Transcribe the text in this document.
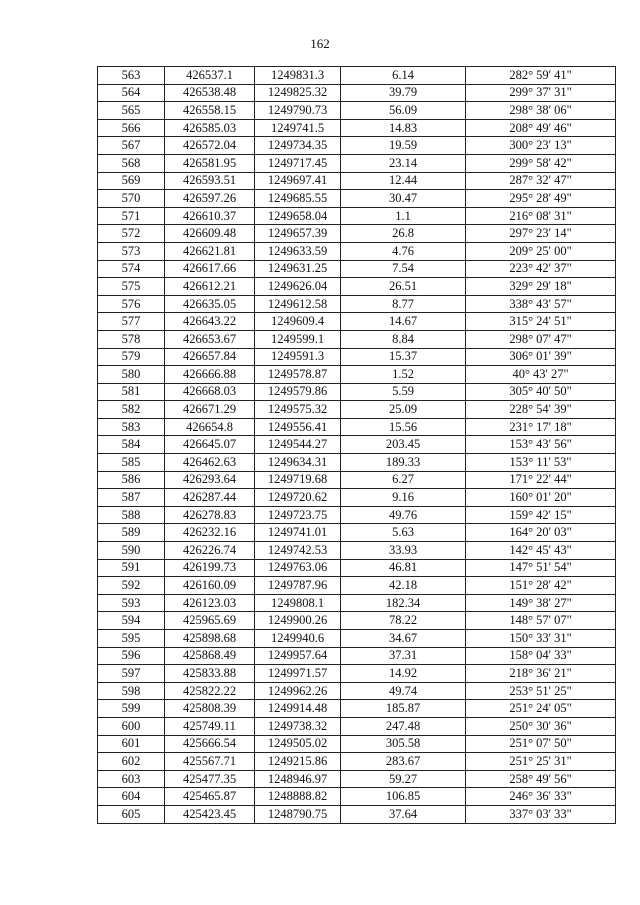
162
563	426537.1	1249831.3	6.14	282° 59' 41"
564	426538.48	1249825.32	39.79	299° 37' 31"
565	426558.15	1249790.73	56.09	298° 38' 06"
566	426585.03	1249741.5	14.83	208° 49' 46"
567	426572.04	1249734.35	19.59	300° 23' 13"
568	426581.95	1249717.45	23.14	299° 58' 42"
569	426593.51	1249697.41	12.44	287° 32' 47"
570	426597.26	1249685.55	30.47	295° 28' 49"
571	426610.37	1249658.04	1.1	216° 08' 31"
572	426609.48	1249657.39	26.8	297° 23' 14"
573	426621.81	1249633.59	4.76	209° 25' 00"
574	426617.66	1249631.25	7.54	223° 42' 37"
575	426612.21	1249626.04	26.51	329° 29' 18"
576	426635.05	1249612.58	8.77	338° 43' 57"
577	426643.22	1249609.4	14.67	315° 24' 51"
578	426653.67	1249599.1	8.84	298° 07' 47"
579	426657.84	1249591.3	15.37	306° 01' 39"
580	426666.88	1249578.87	1.52	40° 43' 27"
581	426668.03	1249579.86	5.59	305° 40' 50"
582	426671.29	1249575.32	25.09	228° 54' 39"
583	426654.8	1249556.41	15.56	231° 17' 18"
584	426645.07	1249544.27	203.45	153° 43' 56"
585	426462.63	1249634.31	189.33	153° 11' 53"
586	426293.64	1249719.68	6.27	171° 22' 44"
587	426287.44	1249720.62	9.16	160° 01' 20"
588	426278.83	1249723.75	49.76	159° 42' 15"
589	426232.16	1249741.01	5.63	164° 20' 03"
590	426226.74	1249742.53	33.93	142° 45' 43"
591	426199.73	1249763.06	46.81	147° 51' 54"
592	426160.09	1249787.96	42.18	151° 28' 42"
593	426123.03	1249808.1	182.34	149° 38' 27"
594	425965.69	1249900.26	78.22	148° 57' 07"
595	425898.68	1249940.6	34.67	150° 33' 31"
596	425868.49	1249957.64	37.31	158° 04' 33"
597	425833.88	1249971.57	14.92	218° 36' 21"
598	425822.22	1249962.26	49.74	253° 51' 25"
599	425808.39	1249914.48	185.87	251° 24' 05"
600	425749.11	1249738.32	247.48	250° 30' 36"
601	425666.54	1249505.02	305.58	251° 07' 50"
602	425567.71	1249215.86	283.67	251° 25' 31"
603	425477.35	1248946.97	59.27	258° 49' 56"
604	425465.87	1248888.82	106.85	246° 36' 33"
605	425423.45	1248790.75	37.64	337° 03' 33"
